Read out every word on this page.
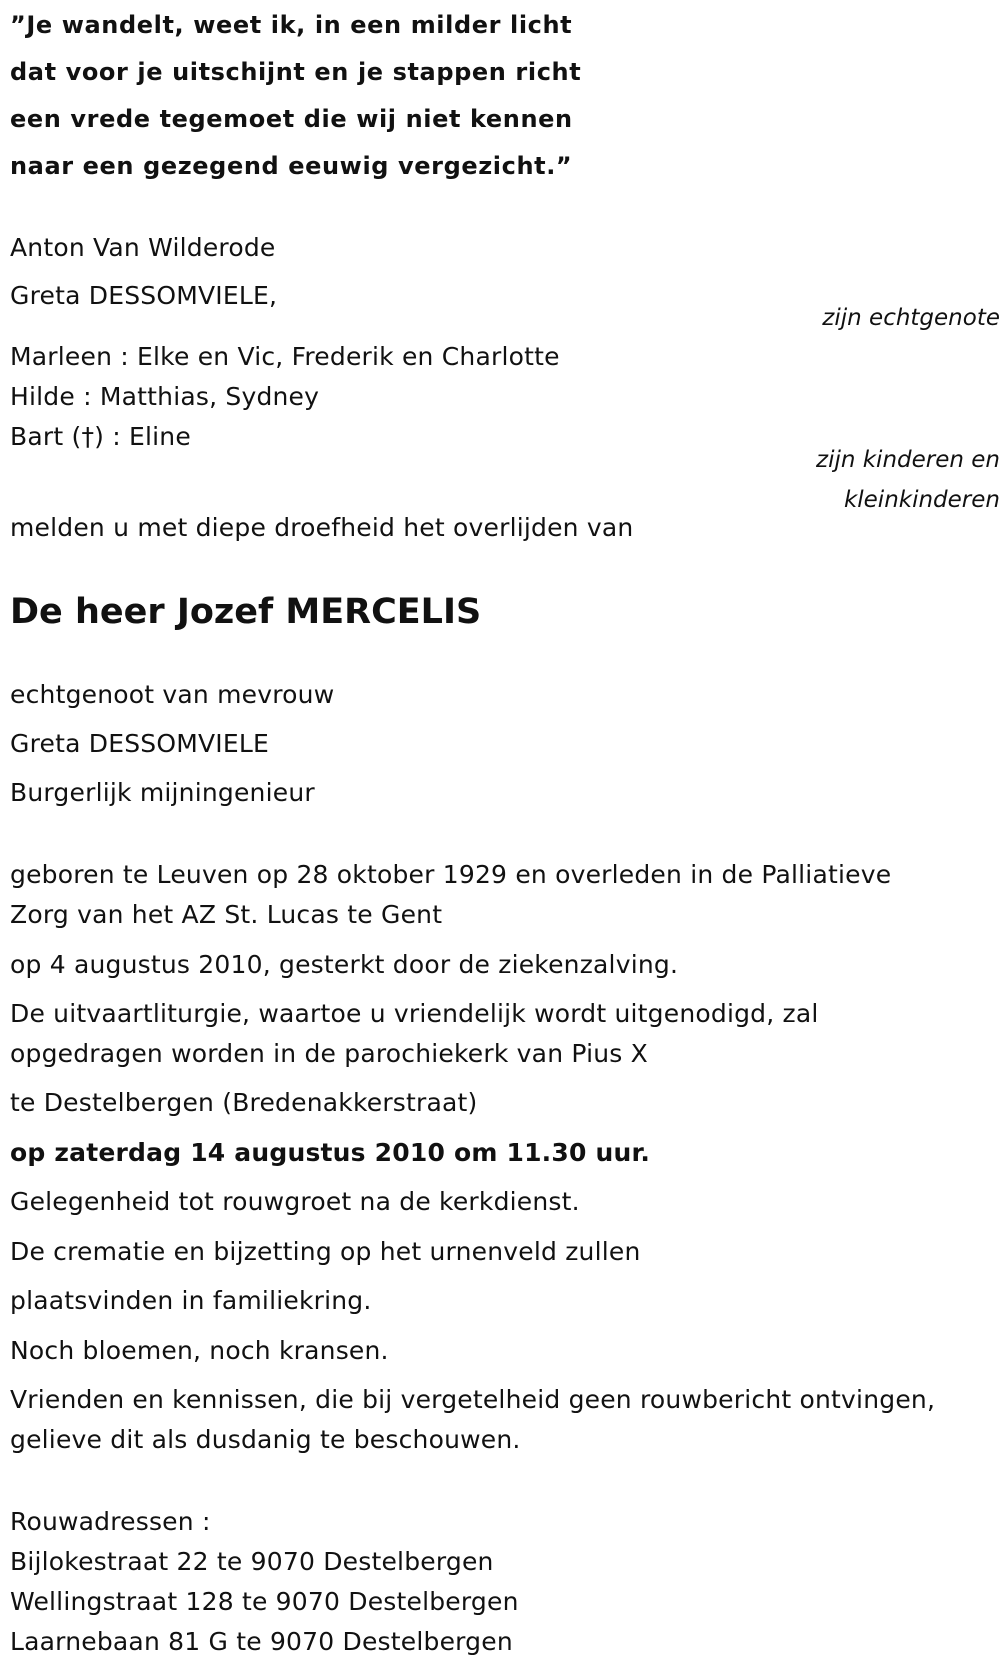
”Je wandelt, weet ik, in een milder licht
dat voor je uitschijnt en je stappen richt
een vrede tegemoet die wij niet kennen
naar een gezegend eeuwig vergezicht.”
Anton Van Wilderode
Greta DESSOMVIELE,
zijn echtgenote
Marleen : Elke en Vic, Frederik en Charlotte
Hilde : Matthias, Sydney
Bart (†) : Eline
zijn kinderen en
kleinkinderen
melden u met diepe droefheid het overlijden van
De heer Jozef MERCELIS
echtgenoot van mevrouw
Greta DESSOMVIELE
Burgerlijk mijningenieur
geboren te Leuven op 28 oktober 1929 en overleden in de Palliatieve
Zorg van het AZ St. Lucas te Gent
op 4 augustus 2010, gesterkt door de ziekenzalving.
De uitvaartliturgie, waartoe u vriendelijk wordt uitgenodigd, zal
opgedragen worden in de parochiekerk van Pius X
te Destelbergen (Bredenakkerstraat)
op zaterdag 14 augustus 2010 om 11.30 uur.
Gelegenheid tot rouwgroet na de kerkdienst.
De crematie en bijzetting op het urnenveld zullen
plaatsvinden in familiekring.
Noch bloemen, noch kransen.
Vrienden en kennissen, die bij vergetelheid geen rouwbericht ontvingen,
gelieve dit als dusdanig te beschouwen.
Rouwadressen :
Bijlokestraat 22 te 9070 Destelbergen
Wellingstraat 128 te 9070 Destelbergen
Laarnebaan 81 G te 9070 Destelbergen
